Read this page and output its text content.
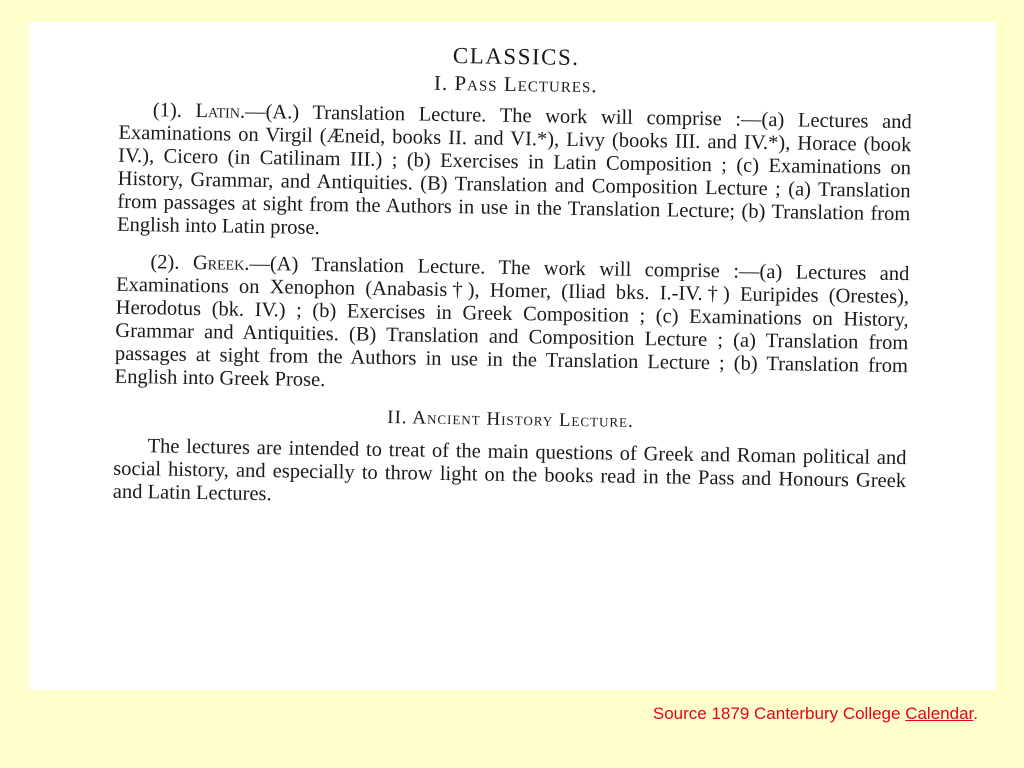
CLASSICS.
I. Pass Lectures.

(1). Latin.—(A.) Translation Lecture. The work will comprise :—(a) Lectures and Examinations on Virgil (Æneid, books II. and VI.*), Livy (books III. and IV.*), Horace (book IV.), Cicero (in Catilinam III.) ; (b) Exercises in Latin Composition ; (c) Examinations on History, Grammar, and Antiquities. (B) Translation and Composition Lecture ; (a) Translation from passages at sight from the Authors in use in the Translation Lecture; (b) Translation from English into Latin prose.

(2). Greek.—(A) Translation Lecture. The work will comprise :—(a) Lectures and Examinations on Xenophon (Anabasis†), Homer, (Iliad bks. I.-IV.†) Euripides (Orestes), Herodotus (bk. IV.) ; (b) Exercises in Greek Composition ; (c) Examinations on History, Grammar and Antiquities. (B) Translation and Composition Lecture ; (a) Translation from passages at sight from the Authors in use in the Translation Lecture ; (b) Translation from English into Greek Prose.

II. Ancient History Lecture.

The lectures are intended to treat of the main questions of Greek and Roman political and social history, and especially to throw light on the books read in the Pass and Honours Greek and Latin Lectures.

Source 1879 Canterbury College Calendar.
